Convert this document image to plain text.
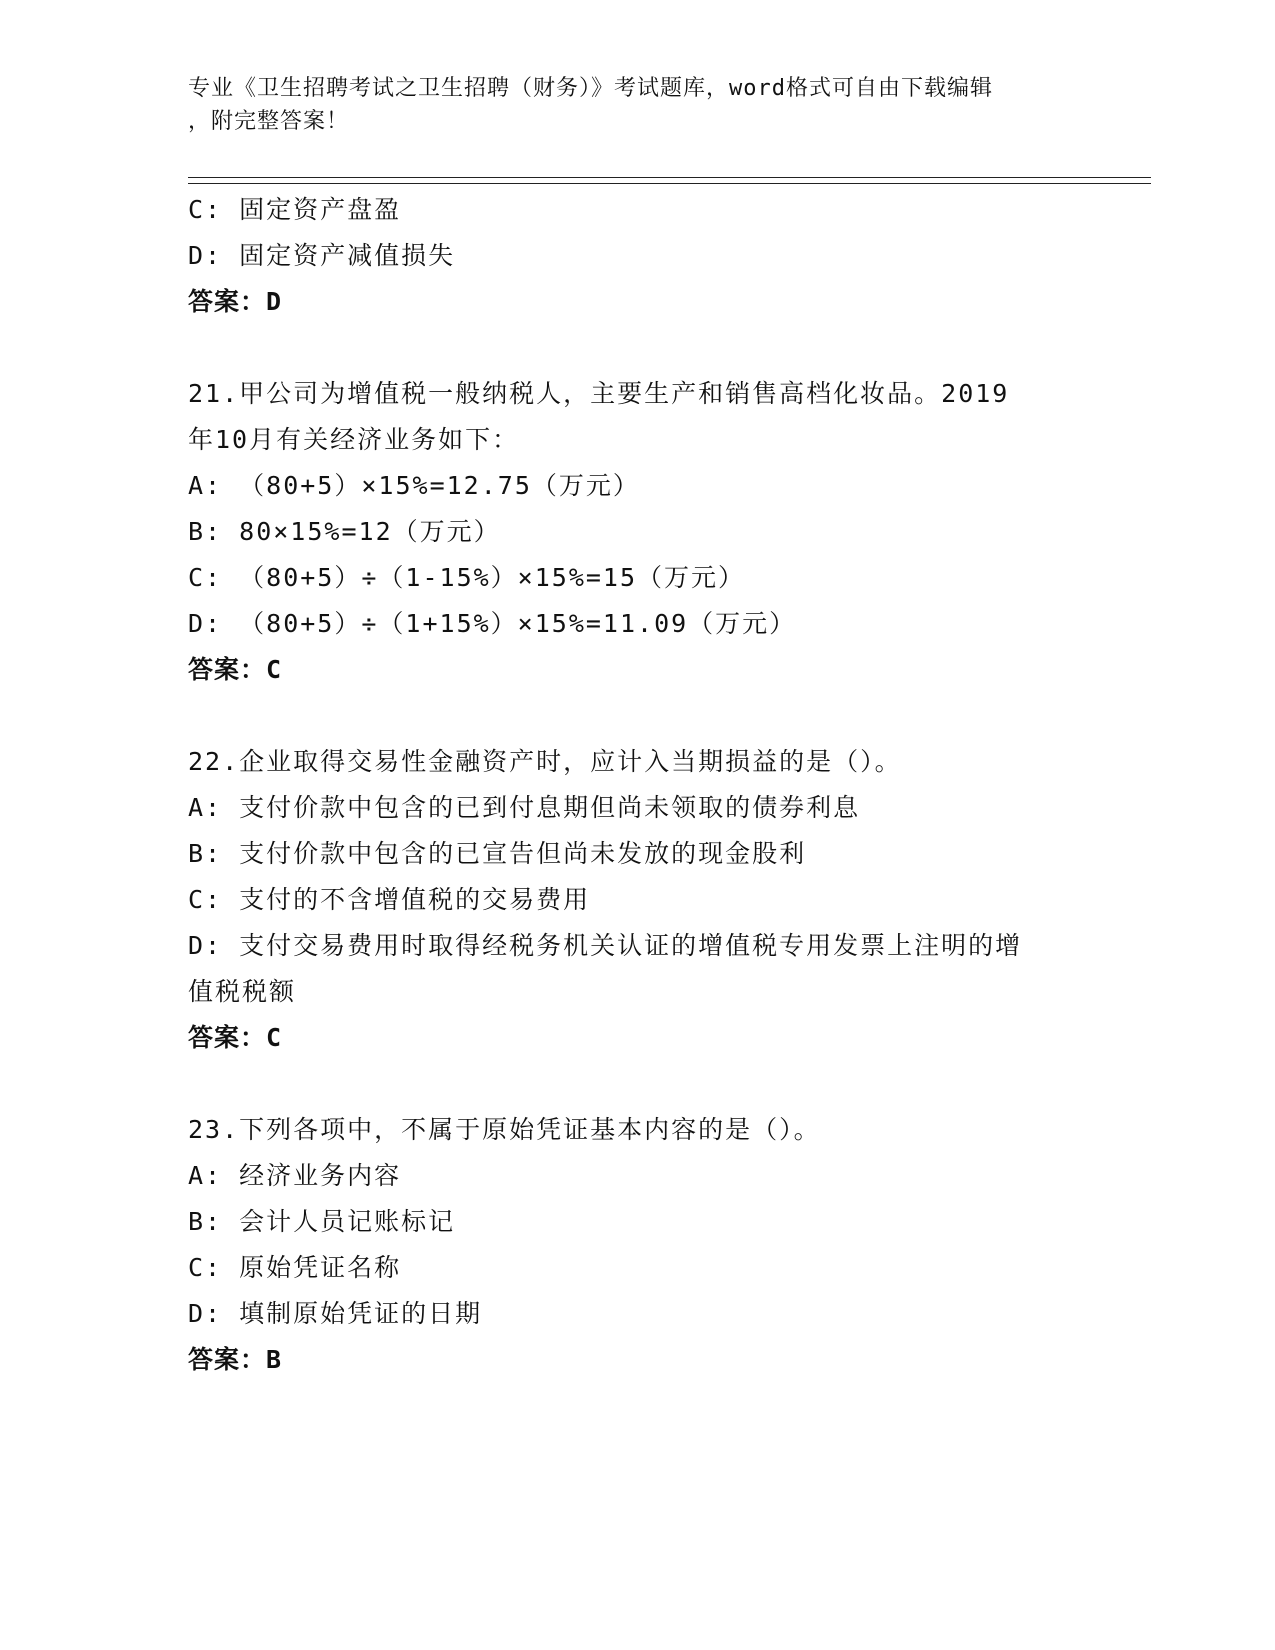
专业《卫生招聘考试之卫生招聘（财务）》考试题库，word格式可自由下载编辑
，附完整答案！
C: 固定资产盘盈
D: 固定资产减值损失
答案：D
21.甲公司为增值税一般纳税人，主要生产和销售高档化妆品。2019
年10月有关经济业务如下：
A: （80+5）×15%=12.75（万元）
B: 80×15%=12（万元）
C: （80+5）÷（1-15%）×15%=15（万元）
D: （80+5）÷（1+15%）×15%=11.09（万元）
答案：C
22.企业取得交易性金融资产时，应计入当期损益的是（）。
A: 支付价款中包含的已到付息期但尚未领取的债券利息
B: 支付价款中包含的已宣告但尚未发放的现金股利
C: 支付的不含增值税的交易费用
D: 支付交易费用时取得经税务机关认证的增值税专用发票上注明的增
值税税额
答案：C
23.下列各项中，不属于原始凭证基本内容的是（）。
A: 经济业务内容
B: 会计人员记账标记
C: 原始凭证名称
D: 填制原始凭证的日期
答案：B
